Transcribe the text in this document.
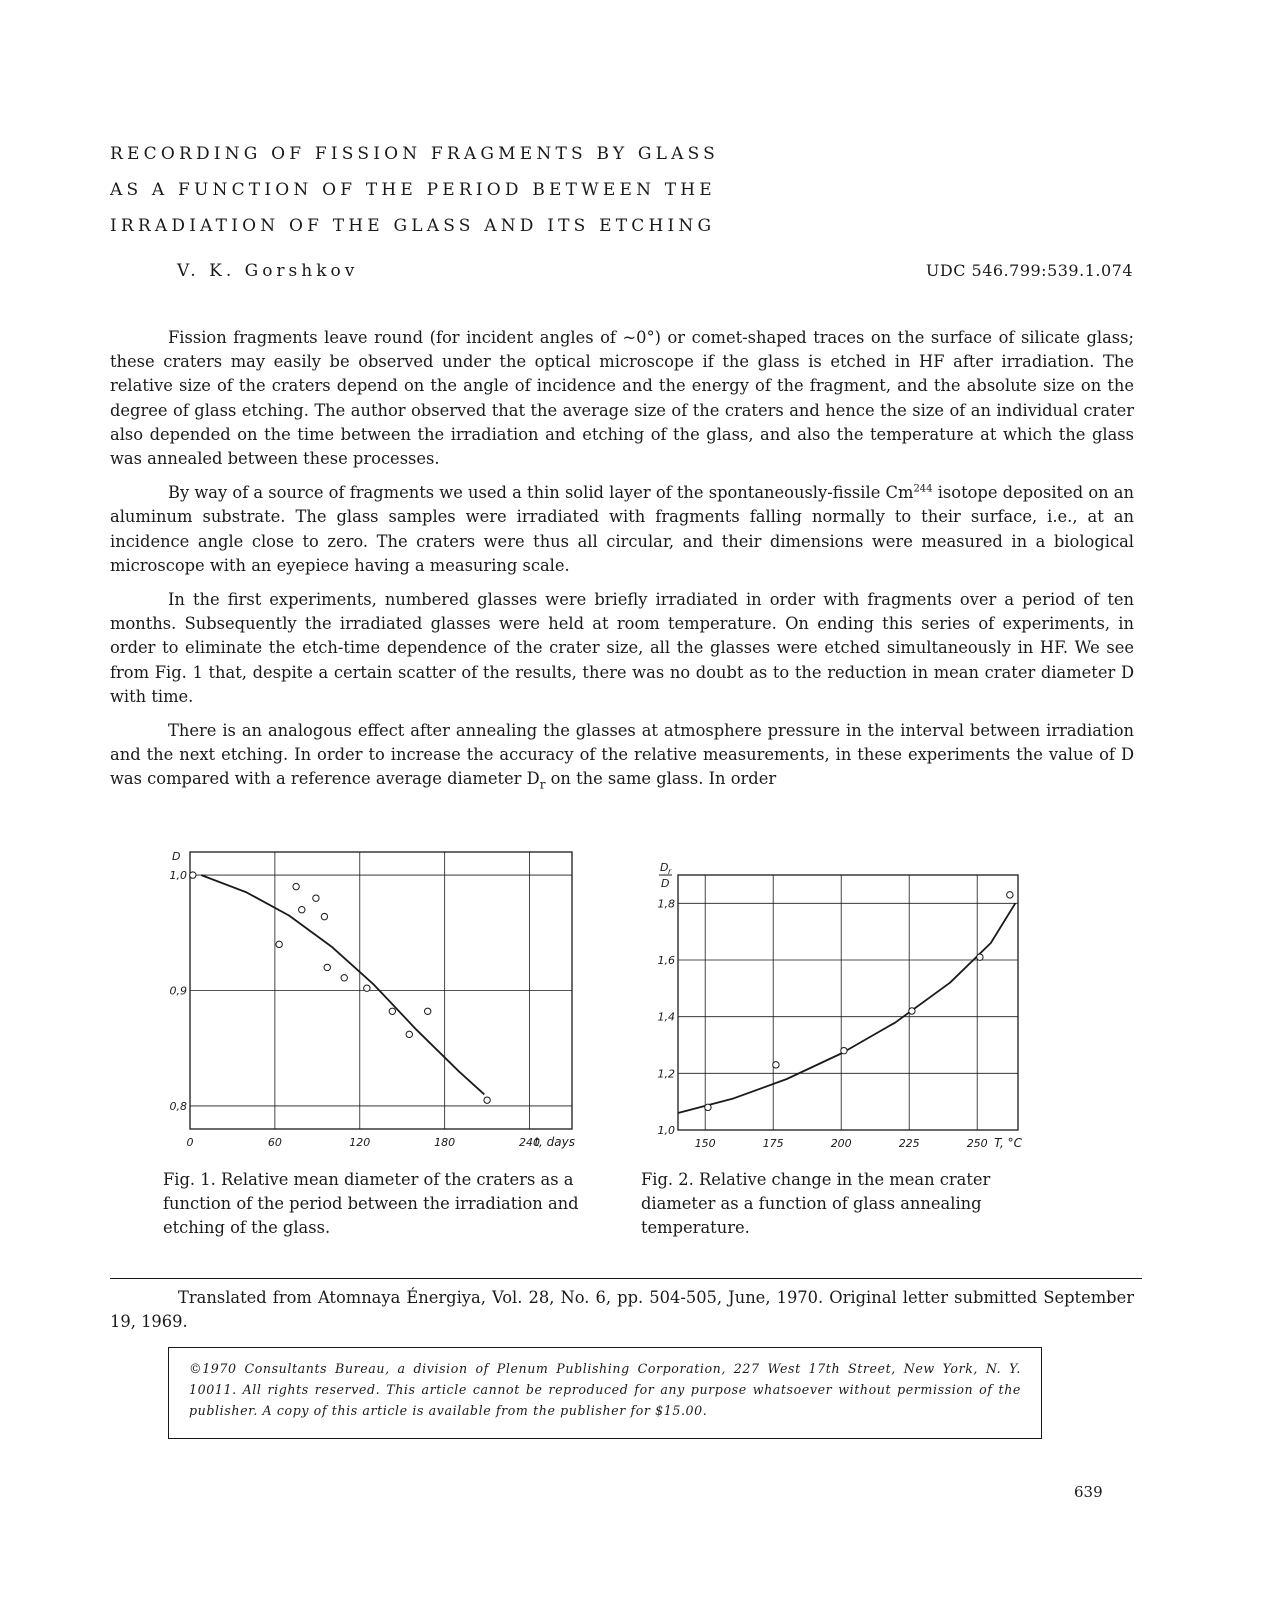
RECORDING OF FISSION FRAGMENTS BY GLASS
AS A FUNCTION OF THE PERIOD BETWEEN THE
IRRADIATION OF THE GLASS AND ITS ETCHING
V. K. Gorshkov	UDC 546.799:539.1.074

Fission fragments leave round (for incident angles of ~0°) or comet-shaped traces on the surface of silicate glass; these craters may easily be observed under the optical microscope if the glass is etched in HF after irradiation. The relative size of the craters depend on the angle of incidence and the energy of the fragment, and the absolute size on the degree of glass etching. The author observed that the average size of the craters and hence the size of an individual crater also depended on the time between the irradiation and etching of the glass, and also the temperature at which the glass was annealed between these processes.

By way of a source of fragments we used a thin solid layer of the spontaneously-fissile Cm$^{244}$ isotope deposited on an aluminum substrate. The glass samples were irradiated with fragments falling normally to their surface, i.e., at an incidence angle close to zero. The craters were thus all circular, and their dimensions were measured in a biological microscope with an eyepiece having a measuring scale.

In the first experiments, numbered glasses were briefly irradiated in order with fragments over a period of ten months. Subsequently the irradiated glasses were held at room temperature. On ending this series of experiments, in order to eliminate the etch-time dependence of the crater size, all the glasses were etched simultaneously in HF. We see from Fig. 1 that, despite a certain scatter of the results, there was no doubt as to the reduction in mean crater diameter D with time.

There is an analogous effect after annealing the glasses at atmosphere pressure in the interval between irradiation and the next etching. In order to increase the accuracy of the relative measurements, in these experiments the value of D was compared with a reference average diameter $D_r$ on the same glass. In order

0	60	120	180	240
1,0
0,9
0,8
D
t, days
Fig. 1. Relative mean diameter of the craters as a function of the period between the irradiation and etching of the glass.
150	175	200	225	250
1,0
1,2
1,4
1,6
1,8
D r
D
T, °C
Fig. 2. Relative change in the mean crater diameter as a function of glass annealing temperature.
Translated from Atomnaya Énergiya, Vol. 28, No. 6, pp. 504-505, June, 1970. Original letter submitted September 19, 1969.

©1970 Consultants Bureau, a division of Plenum Publishing Corporation, 227 West 17th Street, New York, N. Y. 10011. All rights reserved. This article cannot be reproduced for any purpose whatsoever without permission of the publisher. A copy of this article is available from the publisher for $15.00.

639
